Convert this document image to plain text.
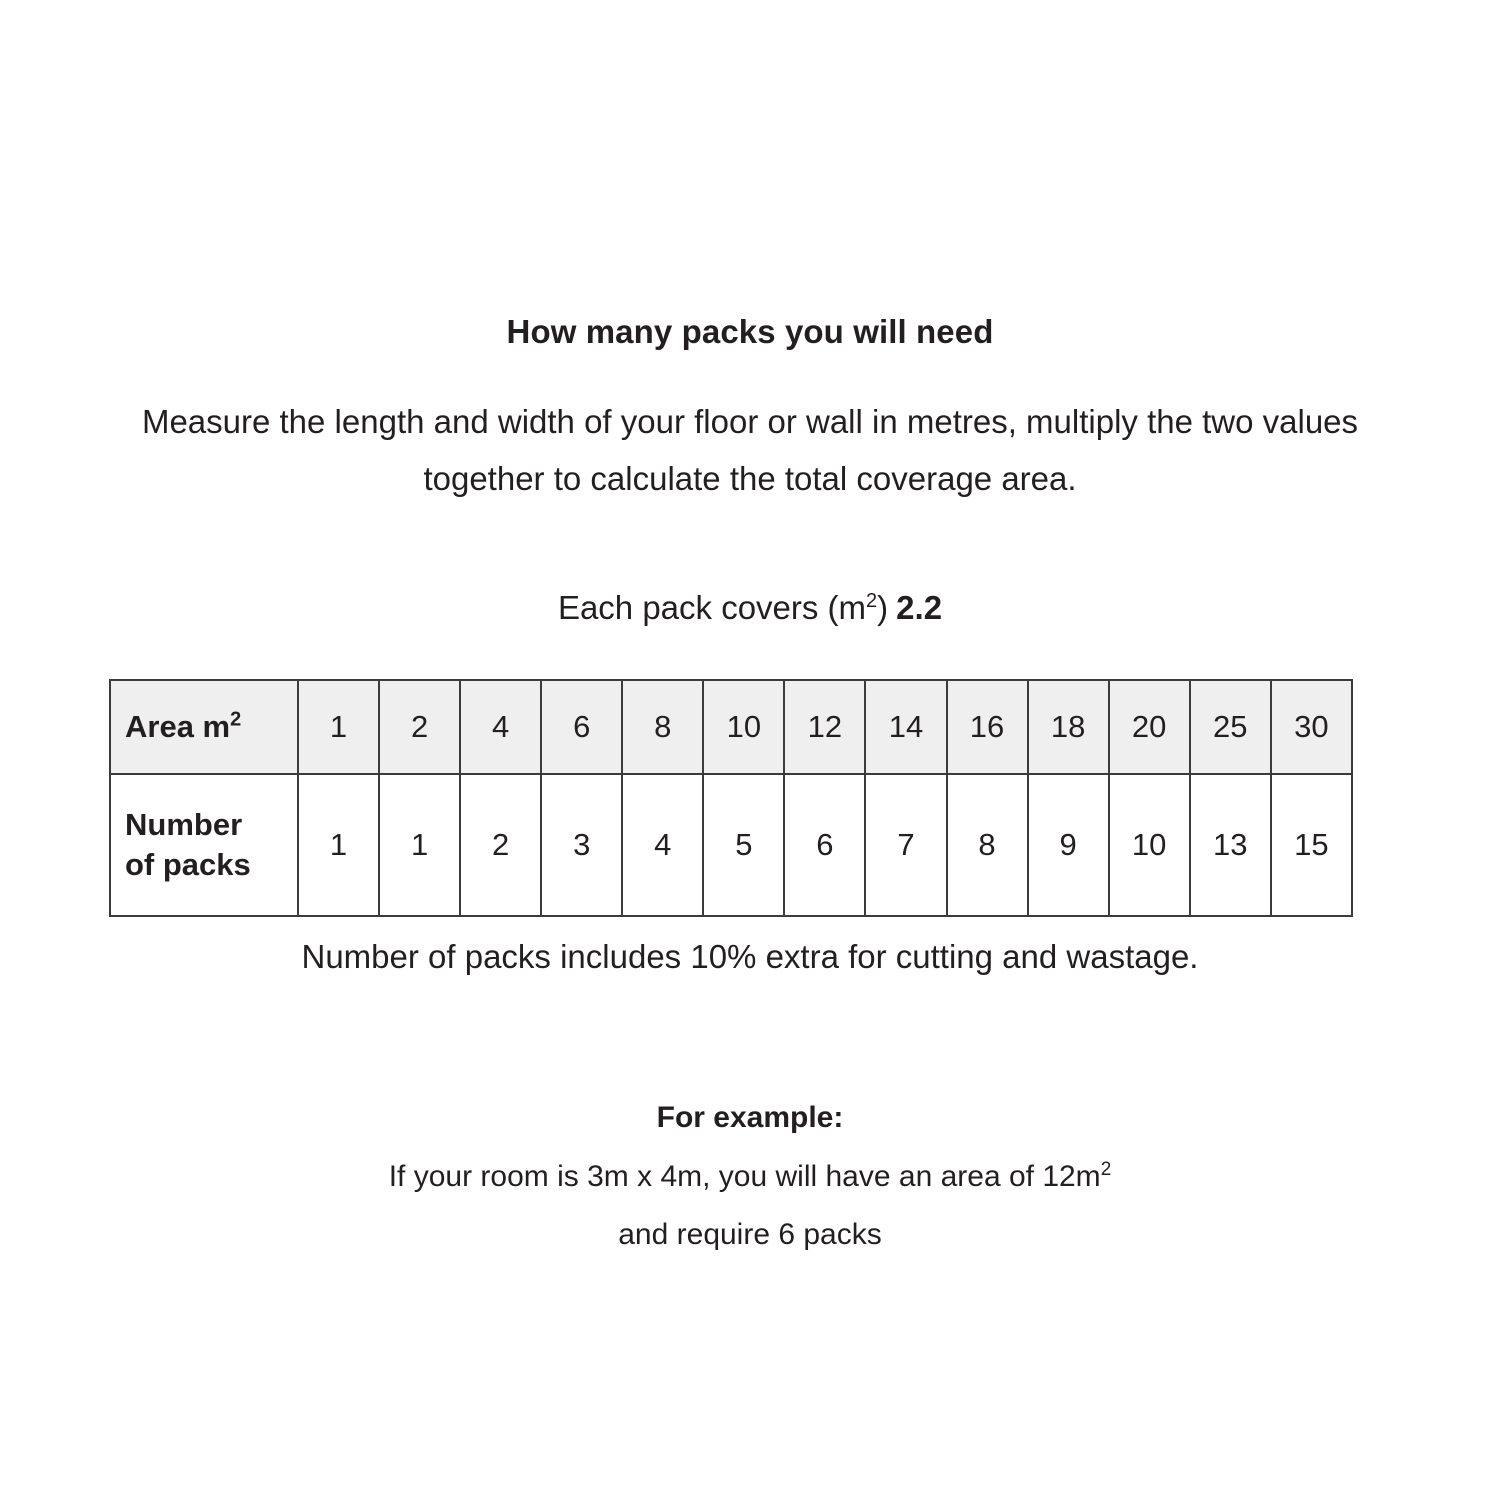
How many packs you will need
Measure the length and width of your floor or wall in metres, multiply the two values together to calculate the total coverage area.
Each pack covers $(m^2)$ 2.2
Area $m^2$	1	2	4	6	8	10	12	14	16	18	20	25	30

Number
of packs	1	1	2	3	4	5	6	7	8	9	10	13	15
Number of packs includes 10% extra for cutting and wastage.
For example:
If your room is 3m x 4m, you will have an area of $12m^2$
and require 6 packs
